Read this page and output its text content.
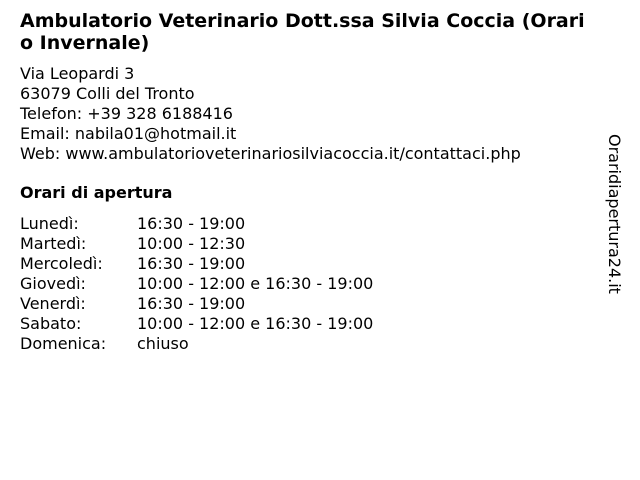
Ambulatorio Veterinario Dott.ssa Silvia Coccia (Orario Invernale)
Via Leopardi 3
63079 Colli del Tronto
Telefon: +39 328 6188416
Email: nabila01@hotmail.it
Web: www.ambulatorioveterinariosilviacoccia.it/contattaci.php
Orari di apertura
Lunedì:	16:30 - 19:00
Martedì:	10:00 - 12:30
Mercoledì:	16:30 - 19:00
Giovedì:	10:00 - 12:00 e 16:30 - 19:00
Venerdì:	16:30 - 19:00
Sabato:	10:00 - 12:00 e 16:30 - 19:00
Domenica:	chiuso
Oraridiapertura24.it
